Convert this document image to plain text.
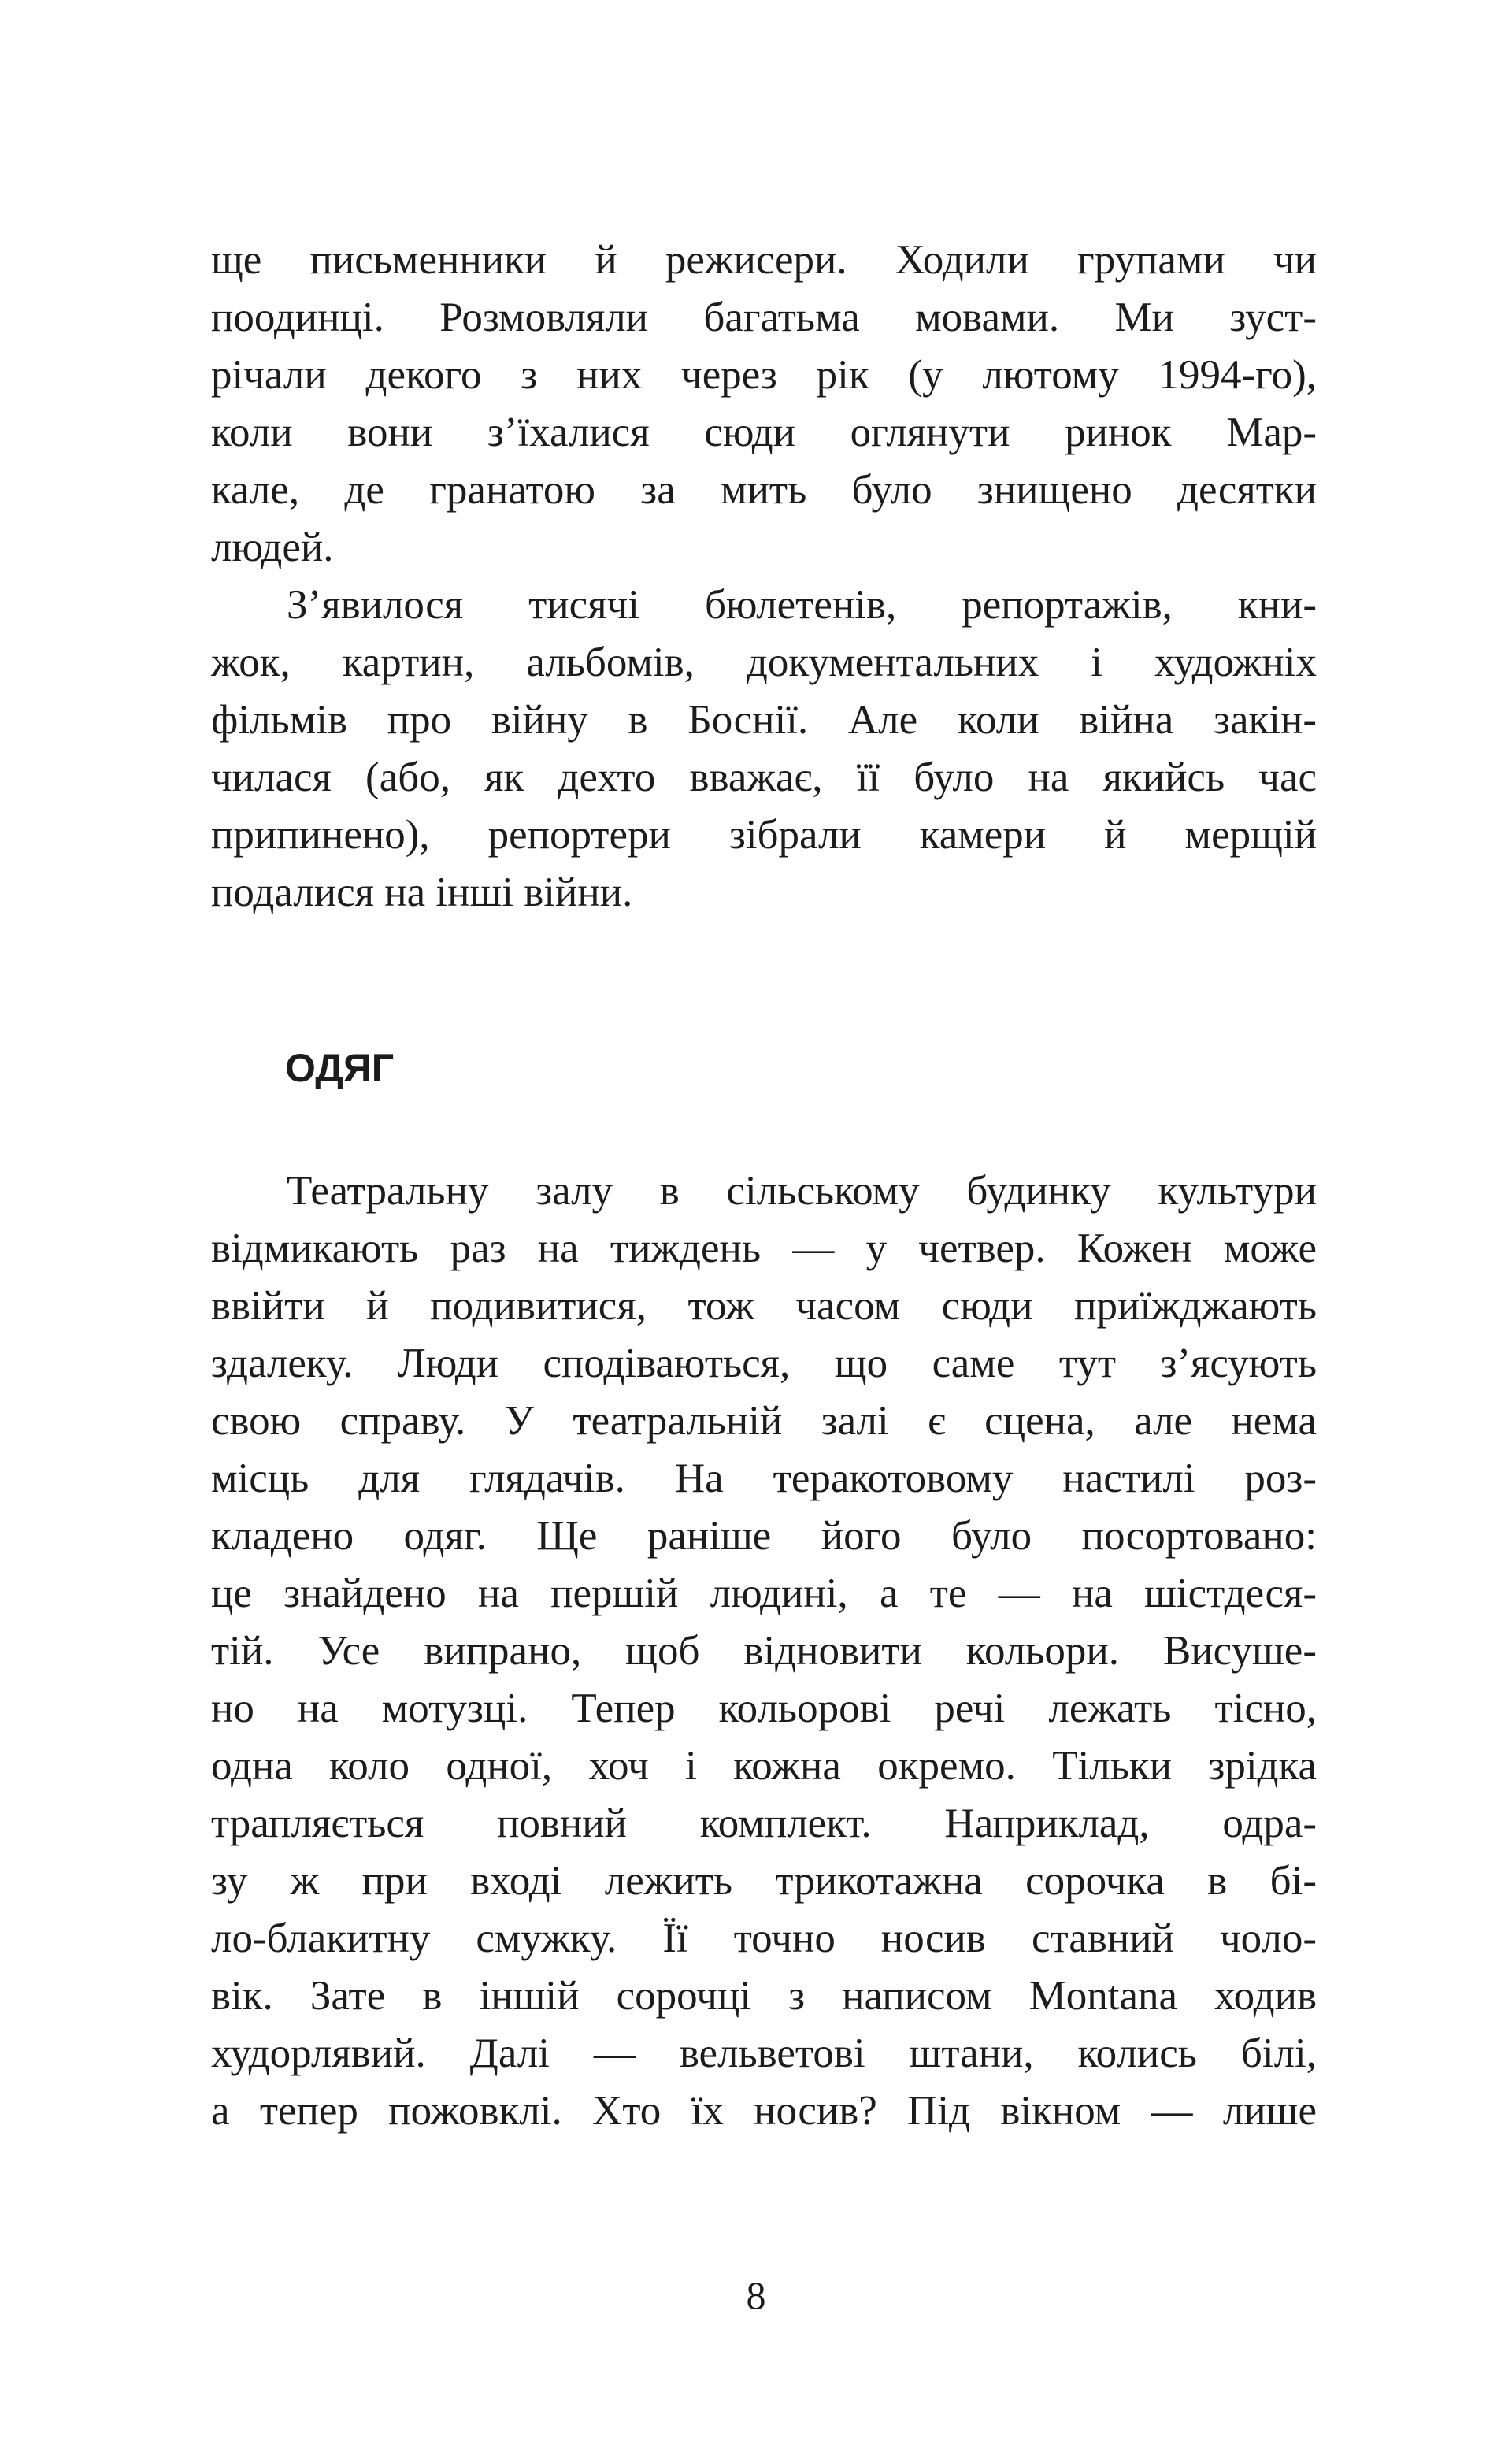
ще письменники й режисери. Ходили групами чи
поодинці. Розмовляли багатьма мовами. Ми зуст-
річали декого з них через рік (у лютому 1994-го),
коли вони з’їхалися сюди оглянути ринок Мар-
кале, де гранатою за мить було знищено десятки
людей.
З’явилося тисячі бюлетенів, репортажів, кни-
жок, картин, альбомів, документальних і художніх
фільмів про війну в Боснії. Але коли війна закін-
чилася (або, як дехто вважає, її було на якийсь час
припинено), репортери зібрали камери й мерщій
подалися на інші війни.
ОДЯГ
Театральну залу в сільському будинку культури
відмикають раз на тиждень — у четвер. Кожен може
ввійти й подивитися, тож часом сюди приїжджають
здалеку. Люди сподіваються, що саме тут з’ясують
свою справу. У театральній залі є сцена, але нема
місць для глядачів. На теракотовому настилі роз-
кладено одяг. Ще раніше його було посортовано:
це знайдено на першій людині, а те — на шістдеся-
тій. Усе випрано, щоб відновити кольори. Висуше-
но на мотузці. Тепер кольорові речі лежать тісно,
одна коло одної, хоч і кожна окремо. Тільки зрідка
трапляється повний комплект. Наприклад, одра-
зу ж при вході лежить трикотажна сорочка в бі-
ло-блакитну смужку. Її точно носив ставний чоло-
вік. Зате в іншій сорочці з написом Montana ходив
худорлявий. Далі — вельветові штани, колись білі,
а тепер пожовклі. Хто їх носив? Під вікном — лише
8
